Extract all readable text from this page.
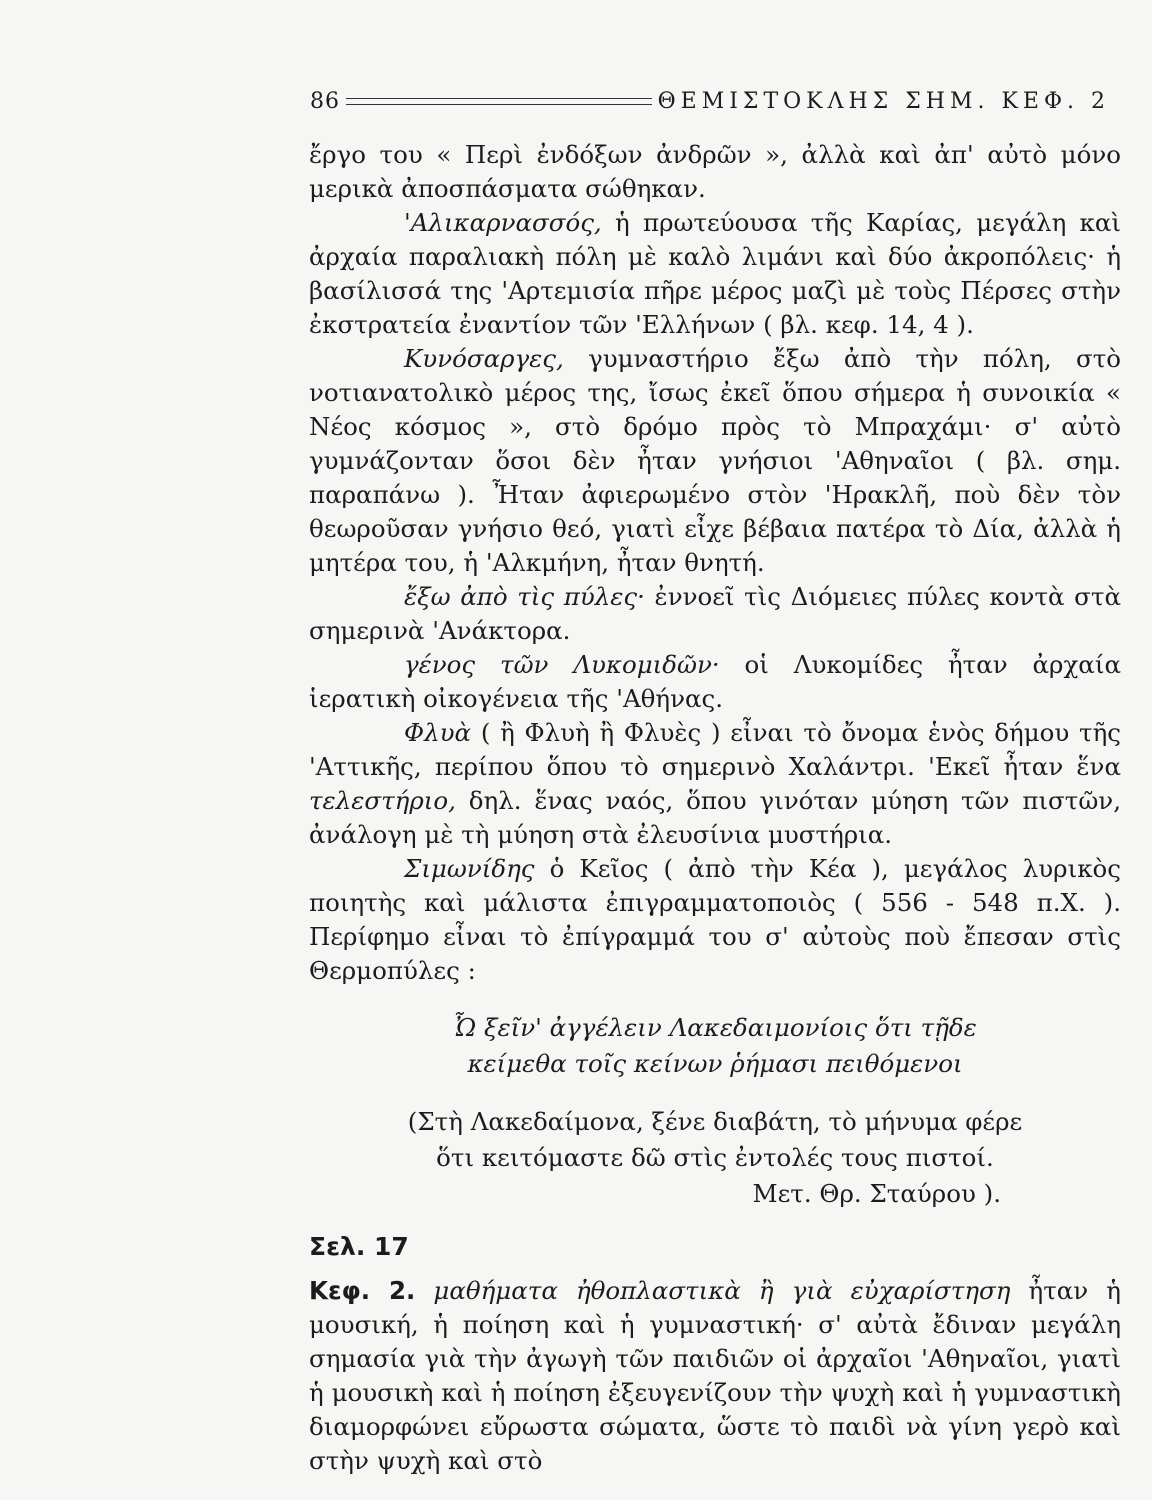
86	ΘΕΜΙΣΤΟΚΛΗΣ ΣΗΜ. ΚΕΦ. 2

ἔργο του « Περὶ ἐνδόξων ἀνδρῶν », ἀλλὰ καὶ ἀπ' αὐτὸ μόνο μερικὰ ἀποσπάσματα σώθηκαν.

'Αλικαρνασσός, ἡ πρωτεύουσα τῆς Καρίας, μεγάλη καὶ ἀρχαία παραλιακὴ πόλη μὲ καλὸ λιμάνι καὶ δύο ἀκροπόλεις· ἡ βασίλισσά της 'Αρτεμισία πῆρε μέρος μαζὶ μὲ τοὺς Πέρσες στὴν ἐκστρατεία ἐναντίον τῶν 'Ελλήνων ( βλ. κεφ. 14, 4 ).

Κυνόσαργες, γυμναστήριο ἔξω ἀπὸ τὴν πόλη, στὸ νοτιανατολικὸ μέρος της, ἴσως ἐκεῖ ὅπου σήμερα ἡ συνοικία « Νέος κόσμος », στὸ δρόμο πρὸς τὸ Μπραχάμι· σ' αὐτὸ γυμνάζονταν ὅσοι δὲν ἦταν γνήσιοι 'Αθηναῖοι ( βλ. σημ. παραπάνω ). Ἦταν ἀφιερωμένο στὸν 'Ηρακλῆ, ποὺ δὲν τὸν θεωροῦσαν γνήσιο θεό, γιατὶ εἶχε βέβαια πατέρα τὸ Δία, ἀλλὰ ἡ μητέρα του, ἡ 'Αλκμήνη, ἦταν θνητή.

ἔξω ἀπὸ τὶς πύλες· ἐννοεῖ τὶς Διόμειες πύλες κοντὰ στὰ σημερινὰ 'Ανάκτορα.

γένος τῶν Λυκομιδῶν· οἱ Λυκομίδες ἦταν ἀρχαία ἱερατικὴ οἰκογένεια τῆς 'Αθήνας.

Φλυὰ ( ἢ Φλυὴ ἢ Φλυὲς ) εἶναι τὸ ὄνομα ἑνὸς δήμου τῆς 'Αττικῆς, περίπου ὅπου τὸ σημερινὸ Χαλάντρι. 'Εκεῖ ἦταν ἕνα τελεστήριο, δηλ. ἕνας ναός, ὅπου γινόταν μύηση τῶν πιστῶν, ἀνάλογη μὲ τὴ μύηση στὰ ἐλευσίνια μυστήρια.

Σιμωνίδης ὁ Κεῖος ( ἀπὸ τὴν Κέα ), μεγάλος λυρικὸς ποιητὴς καὶ μάλιστα ἐπιγραμματοποιὸς ( 556 - 548 π.Χ. ). Περίφημο εἶναι τὸ ἐπίγραμμά του σ' αὐτοὺς ποὺ ἔπεσαν στὶς Θερμοπύλες :

Ὦ ξεῖν' ἀγγέλειν Λακεδαιμονίοις ὅτι τῇδε
κείμεθα τοῖς κείνων ῥήμασι πειθόμενοι
(Στὴ Λακεδαίμονα, ξένε διαβάτη, τὸ μήνυμα φέρε
ὅτι κειτόμαστε δῶ στὶς ἐντολές τους πιστοί.
Μετ. Θρ. Σταύρου ).
Σελ. 17

Κεφ. 2. μαθήματα ἠθοπλαστικὰ ἢ γιὰ εὐχαρίστηση ἦταν ἡ μουσική, ἡ ποίηση καὶ ἡ γυμναστική· σ' αὐτὰ ἔδιναν μεγάλη σημασία γιὰ τὴν ἀγωγὴ τῶν παιδιῶν οἱ ἀρχαῖοι 'Αθηναῖοι, γιατὶ ἡ μουσικὴ καὶ ἡ ποίηση ἐξευγενίζουν τὴν ψυχὴ καὶ ἡ γυμναστικὴ διαμορφώνει εὔρωστα σώματα, ὥστε τὸ παιδὶ νὰ γίνη γερὸ καὶ στὴν ψυχὴ καὶ στὸ
